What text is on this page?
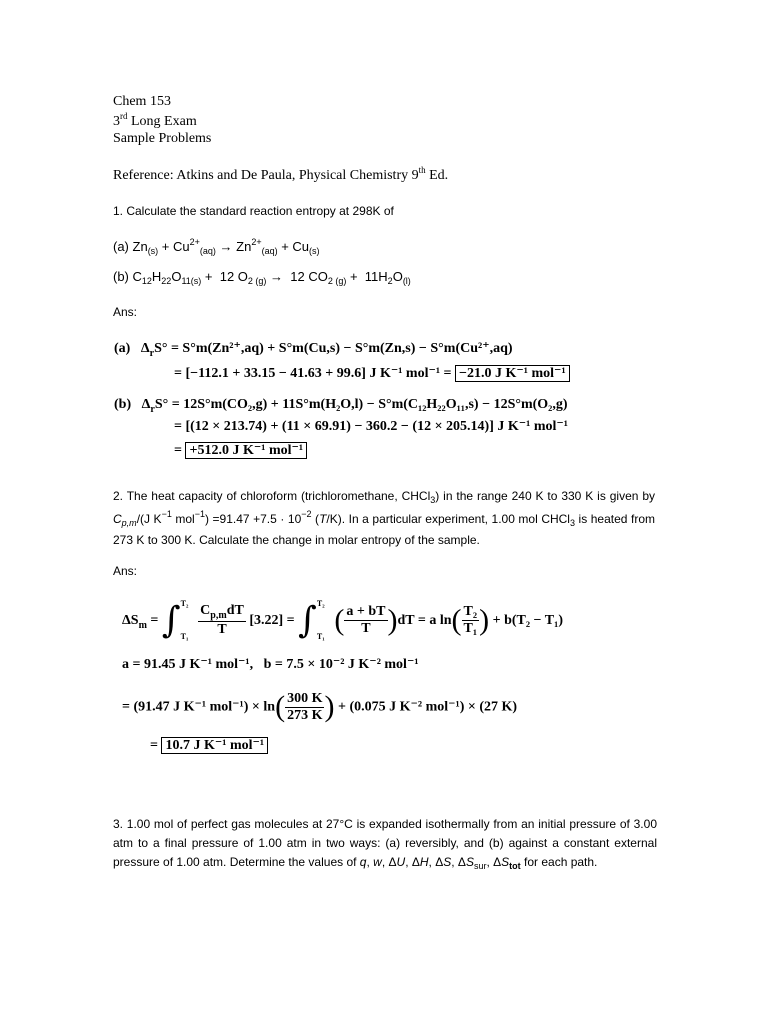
Chem 153
3rd Long Exam
Sample Problems
Reference: Atkins and De Paula, Physical Chemistry 9th Ed.
1. Calculate the standard reaction entropy at 298K of
(a) $Zn_{(s)} + Cu^{2+}_{(aq)} \to Zn^{2+}_{(aq)} + Cu_{(s)}$
(b) $C_{12}H_{22}O_{11(s)} + 12$ $O_{2 (g)} \to 12$ $CO_{2 (g)} + 11H_2O_{(l)}$
Ans:
(a)   $\Delta_rS^\circ = S^\circ m(Zn^{2+},aq) + S^\circ m(Cu,s) - S^\circ m(Zn,s) - S^\circ m(Cu^{2+},aq)$
= [−112.1 + 33.15 − 41.63 + 99.6] J K⁻¹ mol⁻¹ = −21.0 J K⁻¹ mol⁻¹
(b)   $\Delta_rS^\circ = 12S^\circ m(CO_2,g) + 11S^\circ m(H_2O,l) - S^\circ m(C_{12}H_{22}O_{11},s) - 12S^\circ m(O_2,g)$
= [(12 × 213.74) + (11 × 69.91) − 360.2 − (12 × 205.14)] J K⁻¹ mol⁻¹
= +512.0 J K⁻¹ mol⁻¹
2. The heat capacity of chloroform (trichloromethane, CHCl$_3$) in the range 240 K to 330 K is given by $C_{p,m}/(J$ $K^{-1}$ $mol^{-1}) =91.47 +7.5 \cdot 10^{-2}$ (T/K). In a particular experiment, 1.00 mol CHCl$_3$ is heated from 273 K to 300 K. Calculate the change in molar entropy of the sample.
Ans:
$\Delta S_m$ = ∫ T₂
T₁
$\frac{C_{p,m}dT}{T} [3.22]$ = ∫ T₂
T₁ ( $\frac{a + bT}{T} )dT = a$ $\ln( \frac{\text{T₂}}{\text{T₁}}$ ) + b(T₂ − T₁)
a = 91.45 J K⁻¹ mol⁻¹, b = 7.5 × 10⁻² J K⁻² mol⁻¹
= (91.47 J K⁻¹ $mol^{-1}) \times \ln( \frac{300 K}{273 K}$ ) + (0.075 J K⁻² mol⁻¹) × (27 K)
= 10.7 J K⁻¹ mol⁻¹
3. 1.00 mol of perfect gas molecules at 27°C is expanded isothermally from an initial pressure of 3.00 atm to a final pressure of 1.00 atm in two ways: (a) reversibly, and (b) against a constant external pressure of 1.00 atm. Determine the values of q, w, ΔU, ΔH, ΔS, $\Delta S_{sur}$, $\Delta S_{tot}$ for each path.
